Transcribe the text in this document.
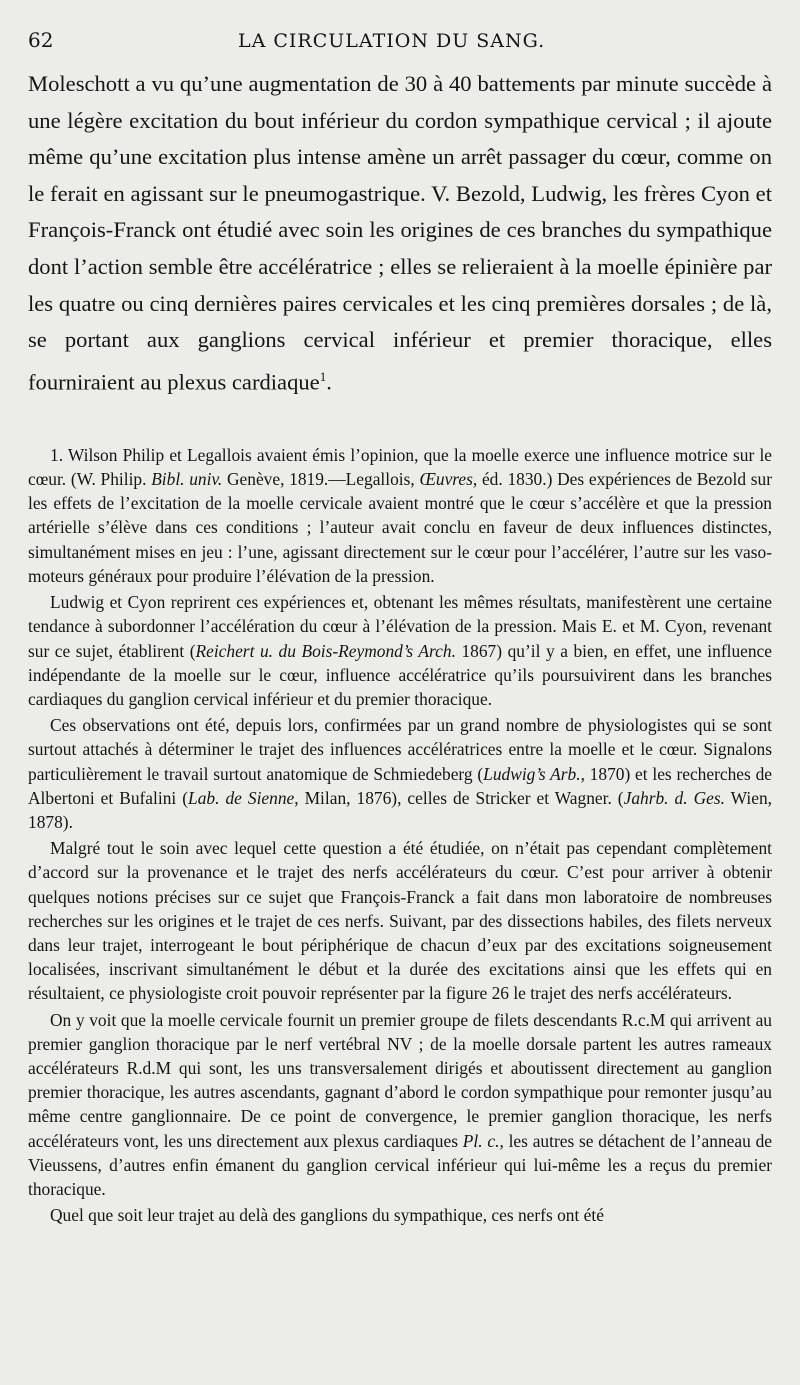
62	LA CIRCULATION DU SANG.

Moleschott a vu qu’une augmentation de 30 à 40 battements par minute succède à une légère excitation du bout inférieur du cordon sympathique cervical ; il ajoute même qu’une excitation plus intense amène un arrêt passager du cœur, comme on le ferait en agissant sur le pneumogastrique. V. Bezold, Ludwig, les frères Cyon et François-Franck ont étudié avec soin les origines de ces branches du sympathique dont l’action semble être accélératrice ; elles se relieraient à la moelle épinière par les quatre ou cinq dernières paires cervicales et les cinq premières dorsales ; de là, se portant aux ganglions cervical inférieur et premier thoracique, elles fourniraient au plexus cardiaque$^1$.

1. Wilson Philip et Legallois avaient émis l’opinion, que la moelle exerce une influence motrice sur le cœur. (W. Philip. Bibl. univ. Genève, 1819.—Legallois, Œuvres, éd. 1830.) Des expériences de Bezold sur les effets de l’excitation de la moelle cervicale avaient montré que le cœur s’accélère et que la pression artérielle s’élève dans ces conditions ; l’auteur avait conclu en faveur de deux influences distinctes, simultanément mises en jeu : l’une, agissant directement sur le cœur pour l’accélérer, l’autre sur les vaso-moteurs généraux pour produire l’élévation de la pression.

Ludwig et Cyon reprirent ces expériences et, obtenant les mêmes résultats, manifestèrent une certaine tendance à subordonner l’accélération du cœur à l’élévation de la pression. Mais E. et M. Cyon, revenant sur ce sujet, établirent (Reichert u. du Bois-Reymond’s Arch. 1867) qu’il y a bien, en effet, une influence indépendante de la moelle sur le cœur, influence accélératrice qu’ils poursuivirent dans les branches cardiaques du ganglion cervical inférieur et du premier thoracique.

Ces observations ont été, depuis lors, confirmées par un grand nombre de physiologistes qui se sont surtout attachés à déterminer le trajet des influences accélératrices entre la moelle et le cœur. Signalons particulièrement le travail surtout anatomique de Schmiedeberg (Ludwig’s Arb., 1870) et les recherches de Albertoni et Bufalini (Lab. de Sienne, Milan, 1876), celles de Stricker et Wagner. (Jahrb. d. Ges. Wien, 1878).

Malgré tout le soin avec lequel cette question a été étudiée, on n’était pas cependant complètement d’accord sur la provenance et le trajet des nerfs accélérateurs du cœur. C’est pour arriver à obtenir quelques notions précises sur ce sujet que François-Franck a fait dans mon laboratoire de nombreuses recherches sur les origines et le trajet de ces nerfs. Suivant, par des dissections habiles, des filets nerveux dans leur trajet, interrogeant le bout périphérique de chacun d’eux par des excitations soigneusement localisées, inscrivant simultanément le début et la durée des excitations ainsi que les effets qui en résultaient, ce physiologiste croit pouvoir représenter par la figure 26 le trajet des nerfs accélérateurs.

On y voit que la moelle cervicale fournit un premier groupe de filets descendants R.c.M qui arrivent au premier ganglion thoracique par le nerf vertébral NV ; de la moelle dorsale partent les autres rameaux accélérateurs R.d.M qui sont, les uns transversalement dirigés et aboutissent directement au ganglion premier thoracique, les autres ascendants, gagnant d’abord le cordon sympathique pour remonter jusqu’au même centre ganglionnaire. De ce point de convergence, le premier ganglion thoracique, les nerfs accélérateurs vont, les uns directement aux plexus cardiaques Pl. c., les autres se détachent de l’anneau de Vieussens, d’autres enfin émanent du ganglion cervical inférieur qui lui-même les a reçus du premier thoracique.

Quel que soit leur trajet au delà des ganglions du sympathique, ces nerfs ont été
